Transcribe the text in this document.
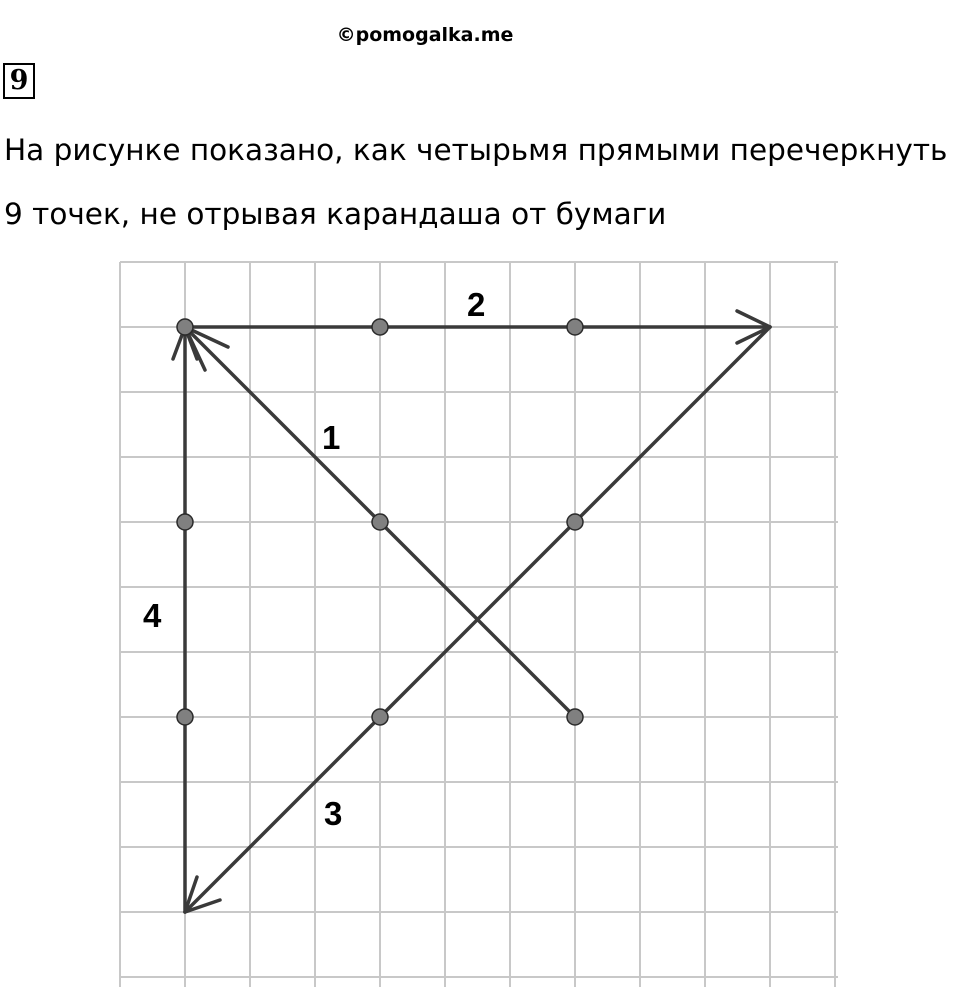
©pomogalka.me
9
На рисунке показано, как четырьмя прямыми перечеркнуть
9 точек, не отрывая карандаша от бумаги
1
2
3
4
